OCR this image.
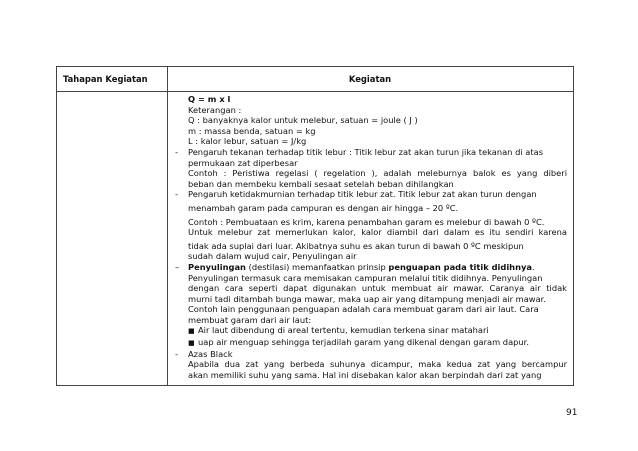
Tahapan Kegiatan	Kegiatan
Q = m x l
Keterangan :
Q : banyaknya kalor untuk melebur, satuan = joule ( J )
m : massa benda, satuan = kg
L : kalor lebur, satuan = J/kg
- Pengaruh tekanan terhadap titik lebur : Titik lebur zat akan turun jika tekanan di atas
permukaan zat diperbesar
Contoh : Peristiwa regelasi ( regelation ), adalah meleburnya balok es yang diberi
beban dan membeku kembali sesaat setelah beban dihilangkan
- Pengaruh ketidakmurnian terhadap titik lebur zat. Titik lebur zat akan turun dengan
menambah garam pada campuran es dengan air hingga – 20 ºC.
Contoh : Pembuataan es krim, karena penambahan garam es melebur di bawah 0 ºC.
Untuk melebur zat memerlukan kalor, kalor diambil dari dalam es itu sendiri karena
tidak ada suplai dari luar. Akibatnya suhu es akan turun di bawah 0 ºC meskipun
sudah dalam wujud cair, Penyulingan air
– Penyulingan (destilasi) memanfaatkan prinsip penguapan pada titik didihnya.
Penyulingan termasuk cara memisakan campuran melalui titik didihnya. Penyulingan
dengan cara seperti dapat digunakan untuk membuat air mawar. Caranya air tidak
murni tadi ditambah bunga mawar, maka uap air yang ditampung menjadi air mawar.
Contoh lain penggunaan penguapan adalah cara membuat garam dari air laut. Cara
membuat garam dari air laut:
■ Air laut dibendung di areal tertentu, kemudian terkena sinar matahari
■ uap air menguap sehingga terjadilah garam yang dikenal dengan garam dapur.
- Azas Black
Apabila dua zat yang berbeda suhunya dicampur, maka kedua zat yang bercampur
akan memiliki suhu yang sama. Hal ini disebakan kalor akan berpindah dari zat yang
91
